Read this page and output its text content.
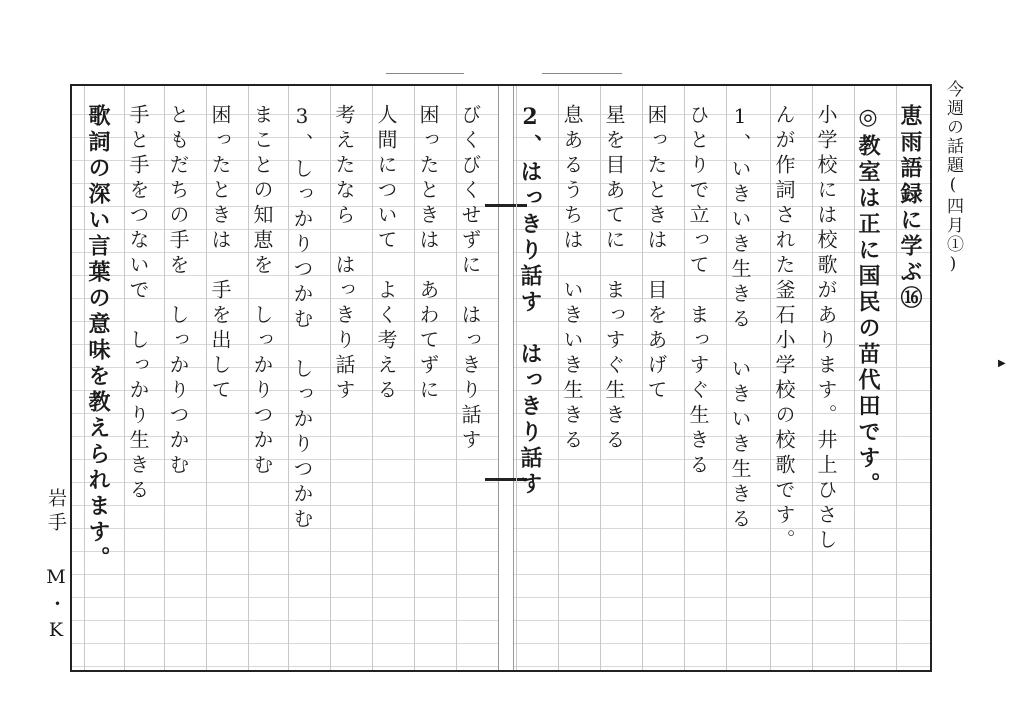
恵雨語録に学ぶ⑯
◎教室は正に国民の苗代田です。
小学校には校歌があります。井上ひさし
んが作詞された釜石小学校の校歌です。
1、いきいき生きる　いきいき生きる
ひとりで立って　まっすぐ生きる
困ったときは　目をあげて
星を目あてに　まっすぐ生きる
息あるうちは　いきいき生きる
2、はっきり話す　はっきり話す
びくびくせずに　はっきり話す
困ったときは　あわてずに
人間について　よく考える
考えたなら　はっきり話す
3、しっかりつかむ　しっかりつかむ
まことの知恵を　しっかりつかむ
困ったときは　手を出して
ともだちの手を　しっかりつかむ
手と手をつないで　しっかり生きる
歌詞の深い言葉の意味を教えられます。	今週の話題(四月①)
▶
岩手
M・K
